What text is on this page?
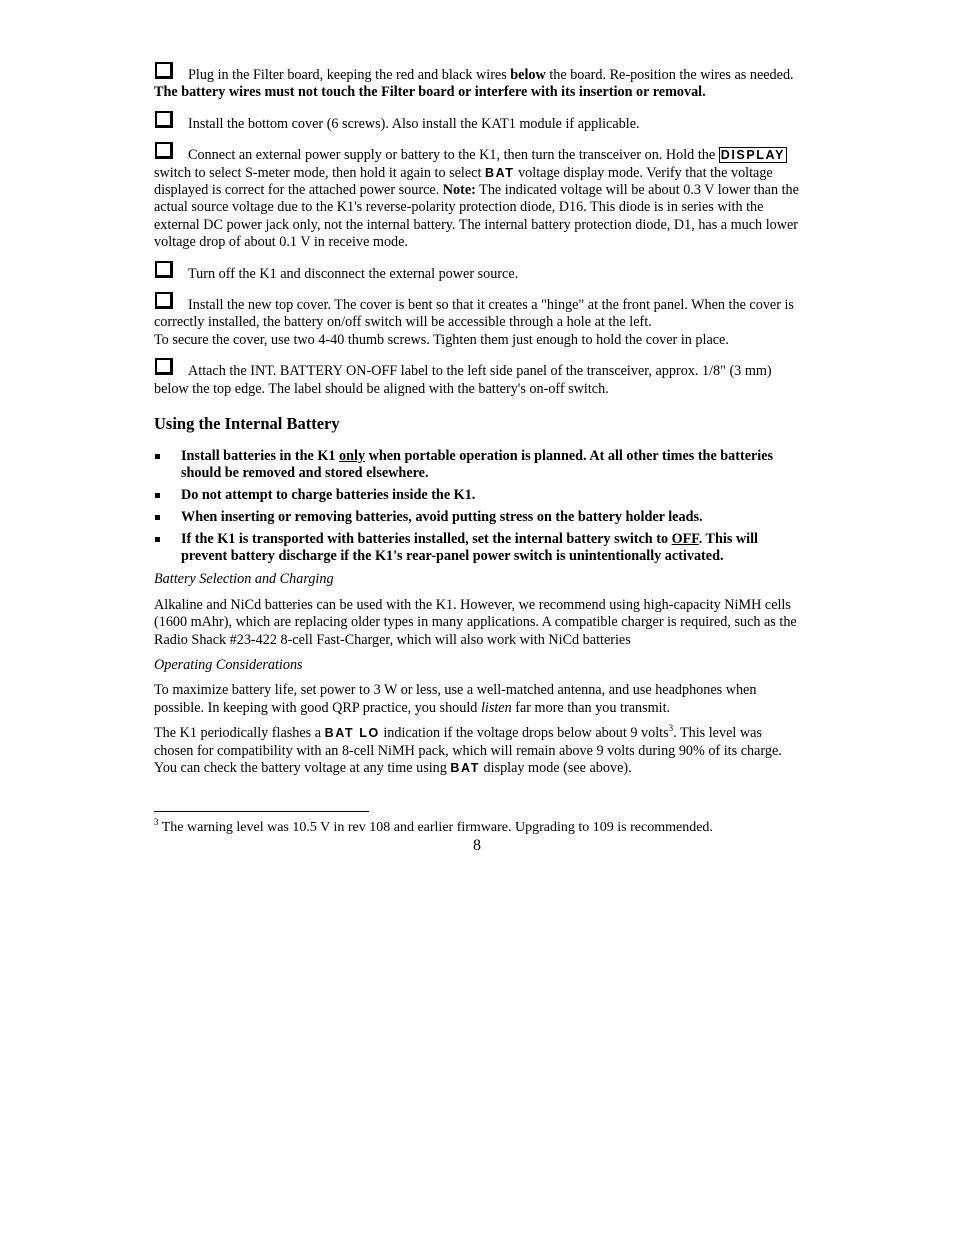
Plug in the Filter board, keeping the red and black wires below the board. Re-position the wires as needed. The battery wires must not touch the Filter board or interfere with its insertion or removal.
Install the bottom cover (6 screws). Also install the KAT1 module if applicable.
Connect an external power supply or battery to the K1, then turn the transceiver on. Hold the DISPLAY switch to select S-meter mode, then hold it again to select BAT voltage display mode. Verify that the voltage displayed is correct for the attached power source. Note: The indicated voltage will be about 0.3 V lower than the actual source voltage due to the K1's reverse-polarity protection diode, D16. This diode is in series with the external DC power jack only, not the internal battery. The internal battery protection diode, D1, has a much lower voltage drop of about 0.1 V in receive mode.
Turn off the K1 and disconnect the external power source.
Install the new top cover. The cover is bent so that it creates a "hinge" at the front panel. When the cover is correctly installed, the battery on/off switch will be accessible through a hole at the left.
To secure the cover, use two 4-40 thumb screws. Tighten them just enough to hold the cover in place.
Attach the INT. BATTERY ON-OFF label to the left side panel of the transceiver, approx. 1/8" (3 mm) below the top edge. The label should be aligned with the battery's on-off switch.
Using the Internal Battery
Install batteries in the K1 only when portable operation is planned. At all other times the batteries should be removed and stored elsewhere.
Do not attempt to charge batteries inside the K1.
When inserting or removing batteries, avoid putting stress on the battery holder leads.
If the K1 is transported with batteries installed, set the internal battery switch to OFF. This will prevent battery discharge if the K1's rear-panel power switch is unintentionally activated.
Battery Selection and Charging

Alkaline and NiCd batteries can be used with the K1. However, we recommend using high-capacity NiMH cells (1600 mAhr), which are replacing older types in many applications. A compatible charger is required, such as the Radio Shack #23-422 8-cell Fast-Charger, which will also work with NiCd batteries

Operating Considerations

To maximize battery life, set power to 3 W or less, use a well-matched antenna, and use headphones when possible. In keeping with good QRP practice, you should listen far more than you transmit.

The K1 periodically flashes a BAT LO indication if the voltage drops below about 9 volts$^3$. This level was chosen for compatibility with an 8-cell NiMH pack, which will remain above 9 volts during 90% of its charge. You can check the battery voltage at any time using BAT display mode (see above).

$^3$ The warning level was 10.5 V in rev 108 and earlier firmware. Upgrading to 109 is recommended.
8
